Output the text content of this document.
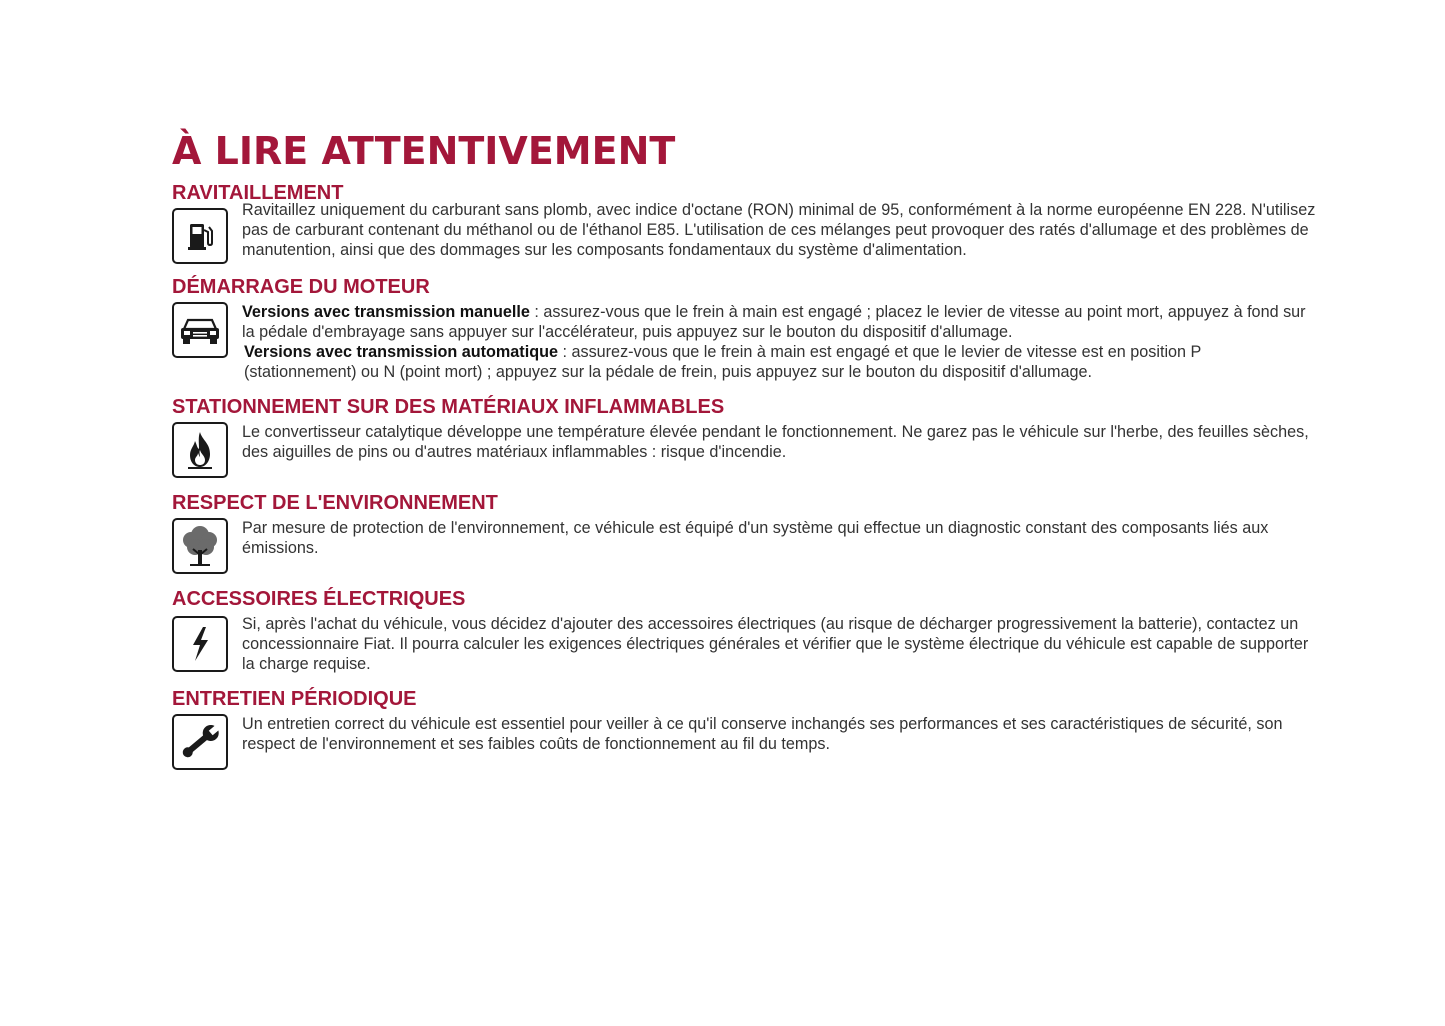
À LIRE ATTENTIVEMENT
RAVITAILLEMENT

Ravitaillez uniquement du carburant sans plomb, avec indice d'octane (RON) minimal de 95, conformément à la norme européenne EN 228. N'utilisez pas de carburant contenant du méthanol ou de l'éthanol E85. L'utilisation de ces mélanges peut provoquer des ratés d'allumage et des problèmes de manutention, ainsi que des dommages sur les composants fondamentaux du système d'alimentation.

DÉMARRAGE DU MOTEUR

Versions avec transmission manuelle : assurez-vous que le frein à main est engagé ; placez le levier de vitesse au point mort, appuyez à fond sur la pédale d'embrayage sans appuyer sur l'accélérateur, puis appuyez sur le bouton du dispositif d'allumage.

Versions avec transmission automatique : assurez-vous que le frein à main est engagé et que le levier de vitesse est en position P (stationnement) ou N (point mort) ; appuyez sur la pédale de frein, puis appuyez sur le bouton du dispositif d'allumage.

STATIONNEMENT SUR DES MATÉRIAUX INFLAMMABLES

Le convertisseur catalytique développe une température élevée pendant le fonctionnement. Ne garez pas le véhicule sur l'herbe, des feuilles sèches, des aiguilles de pins ou d'autres matériaux inflammables : risque d'incendie.

RESPECT DE L'ENVIRONNEMENT

Par mesure de protection de l'environnement, ce véhicule est équipé d'un système qui effectue un diagnostic constant des composants liés aux émissions.

ACCESSOIRES ÉLECTRIQUES

Si, après l'achat du véhicule, vous décidez d'ajouter des accessoires électriques (au risque de décharger progressivement la batterie), contactez un concessionnaire Fiat. Il pourra calculer les exigences électriques générales et vérifier que le système électrique du véhicule est capable de supporter la charge requise.

ENTRETIEN PÉRIODIQUE

Un entretien correct du véhicule est essentiel pour veiller à ce qu'il conserve inchangés ses performances et ses caractéristiques de sécurité, son respect de l'environnement et ses faibles coûts de fonctionnement au fil du temps.
